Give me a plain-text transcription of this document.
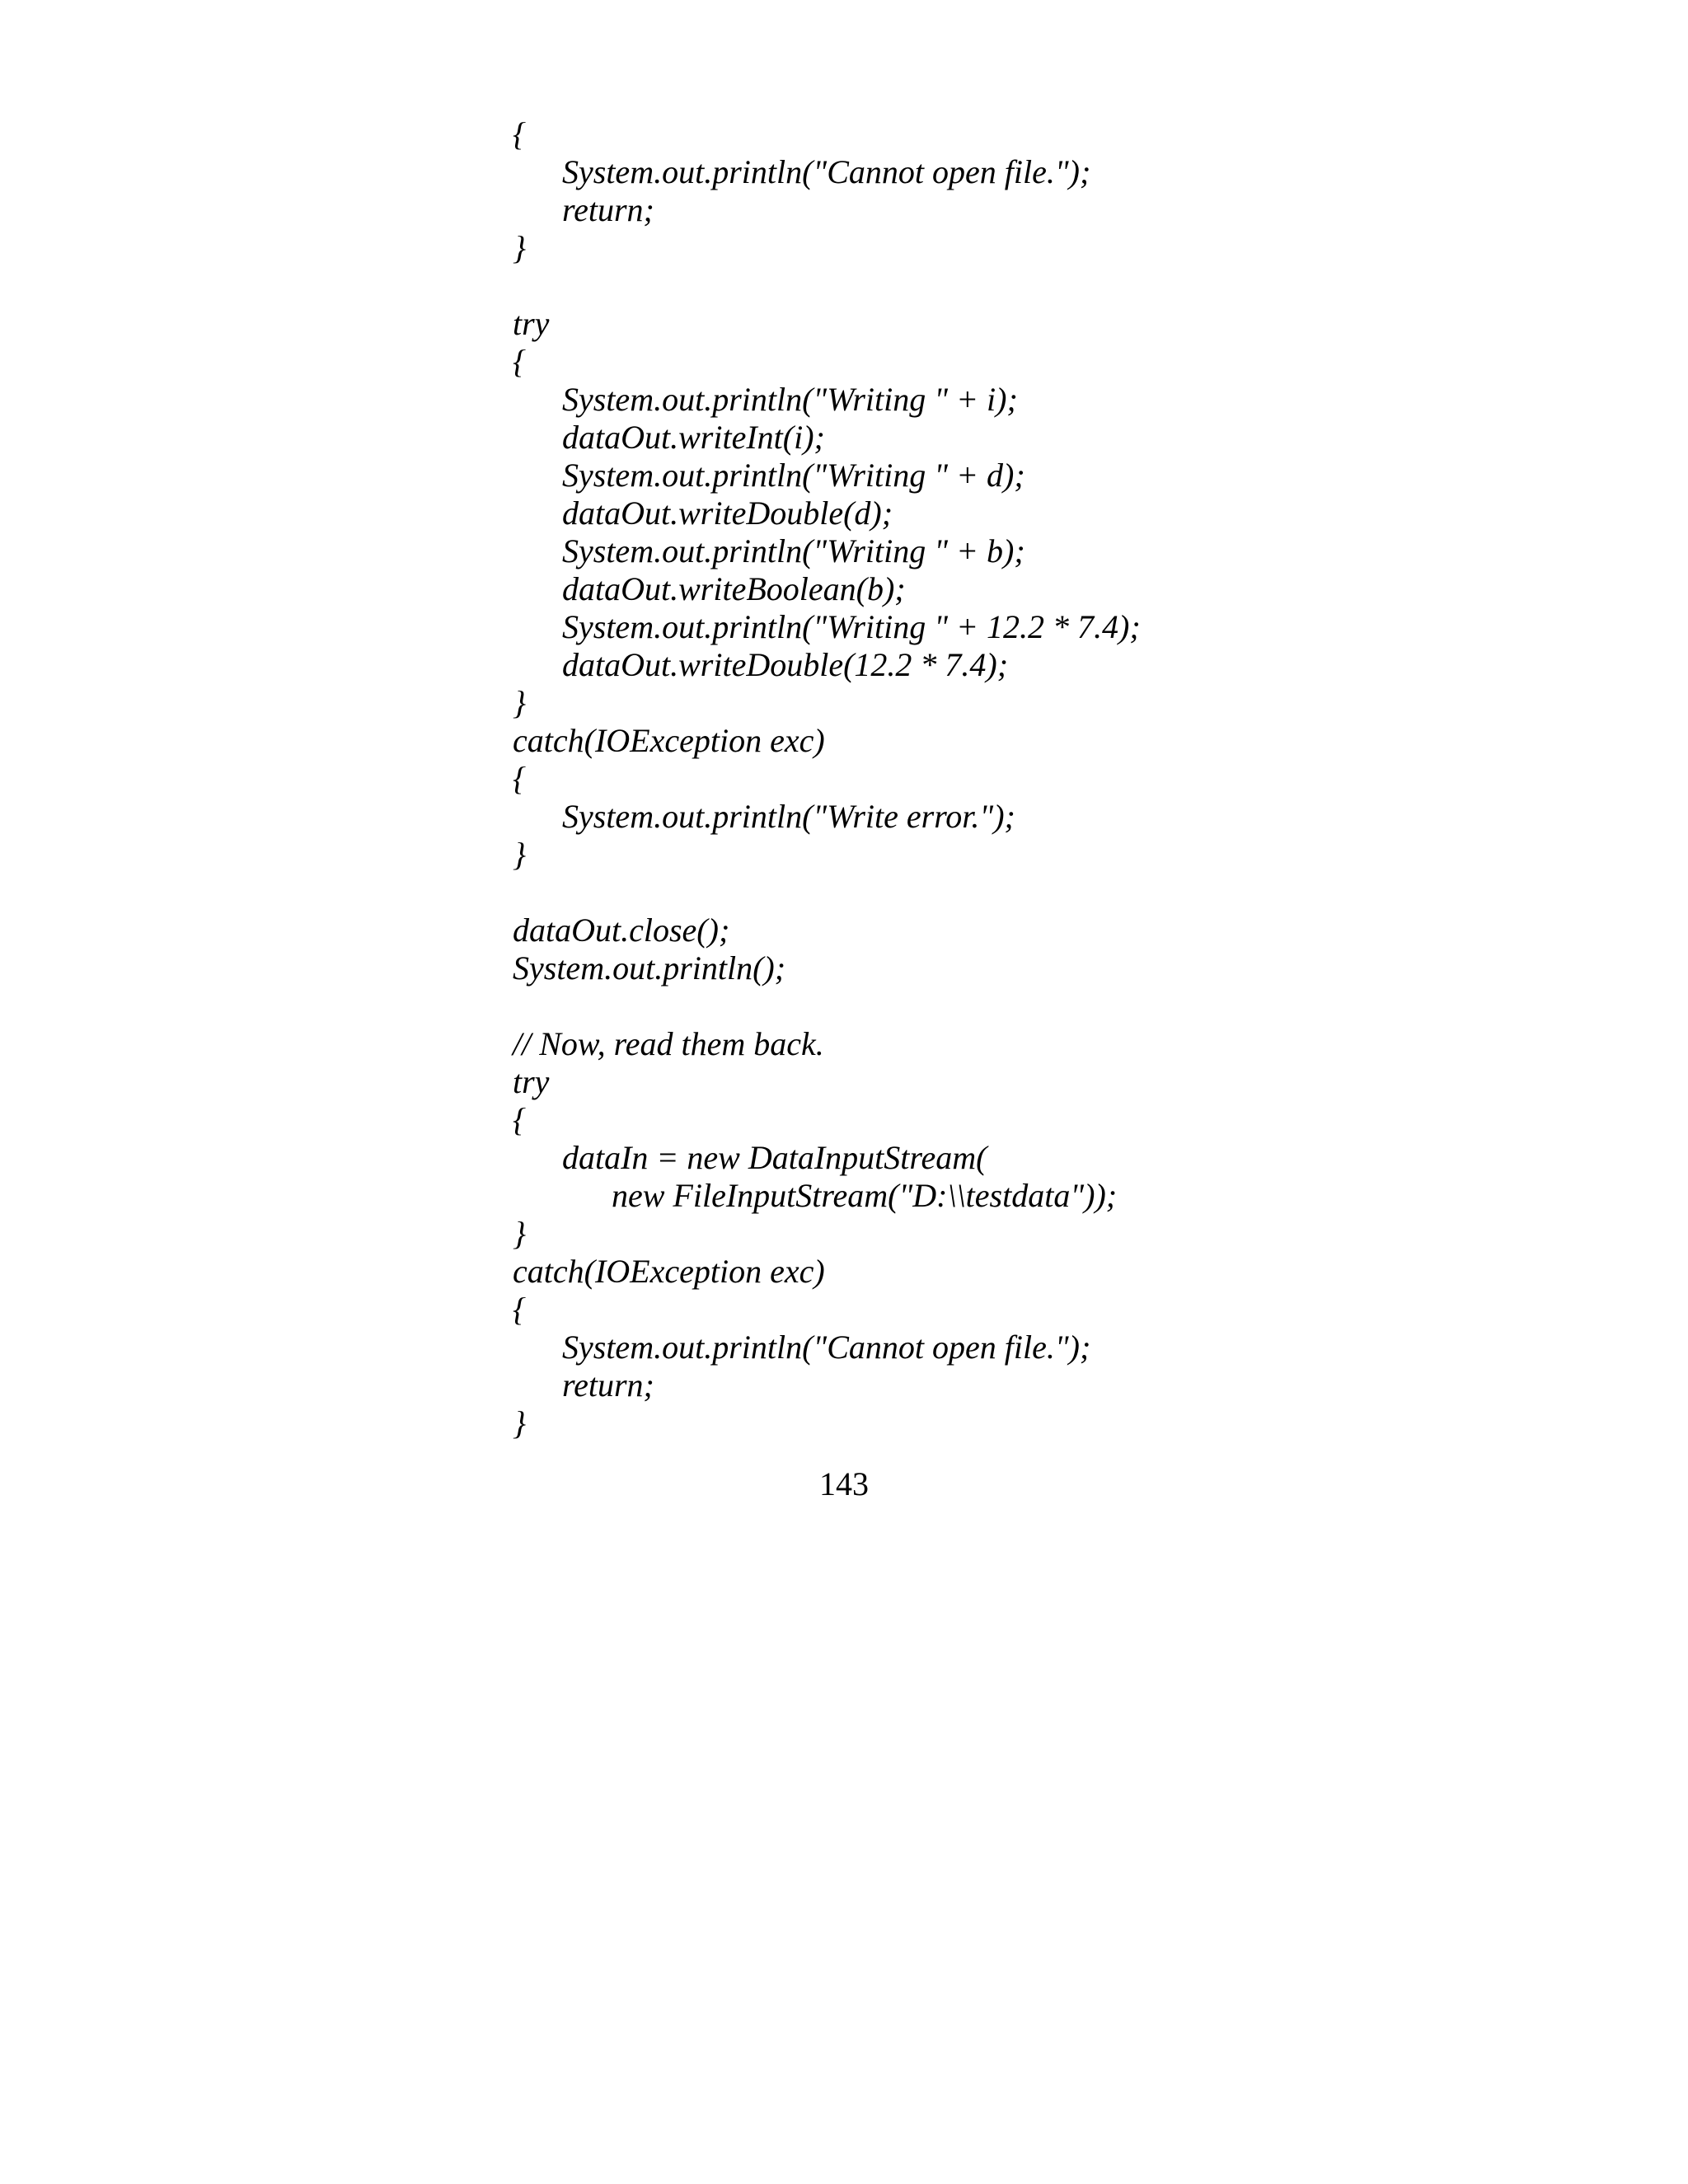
{
System.out.println("Cannot open file.");
return;
}
try
{
System.out.println("Writing " + i);
dataOut.writeInt(i);
System.out.println("Writing " + d);
dataOut.writeDouble(d);
System.out.println("Writing " + b);
dataOut.writeBoolean(b);
System.out.println("Writing " + 12.2 * 7.4);
dataOut.writeDouble(12.2 * 7.4);
}
catch(IOException exc)
{
System.out.println("Write error.");
}
dataOut.close();
System.out.println();
// Now, read them back.
try
{
dataIn = new DataInputStream(
new FileInputStream("D:\\testdata"));
}
catch(IOException exc)
{
System.out.println("Cannot open file.");
return;
}
143
